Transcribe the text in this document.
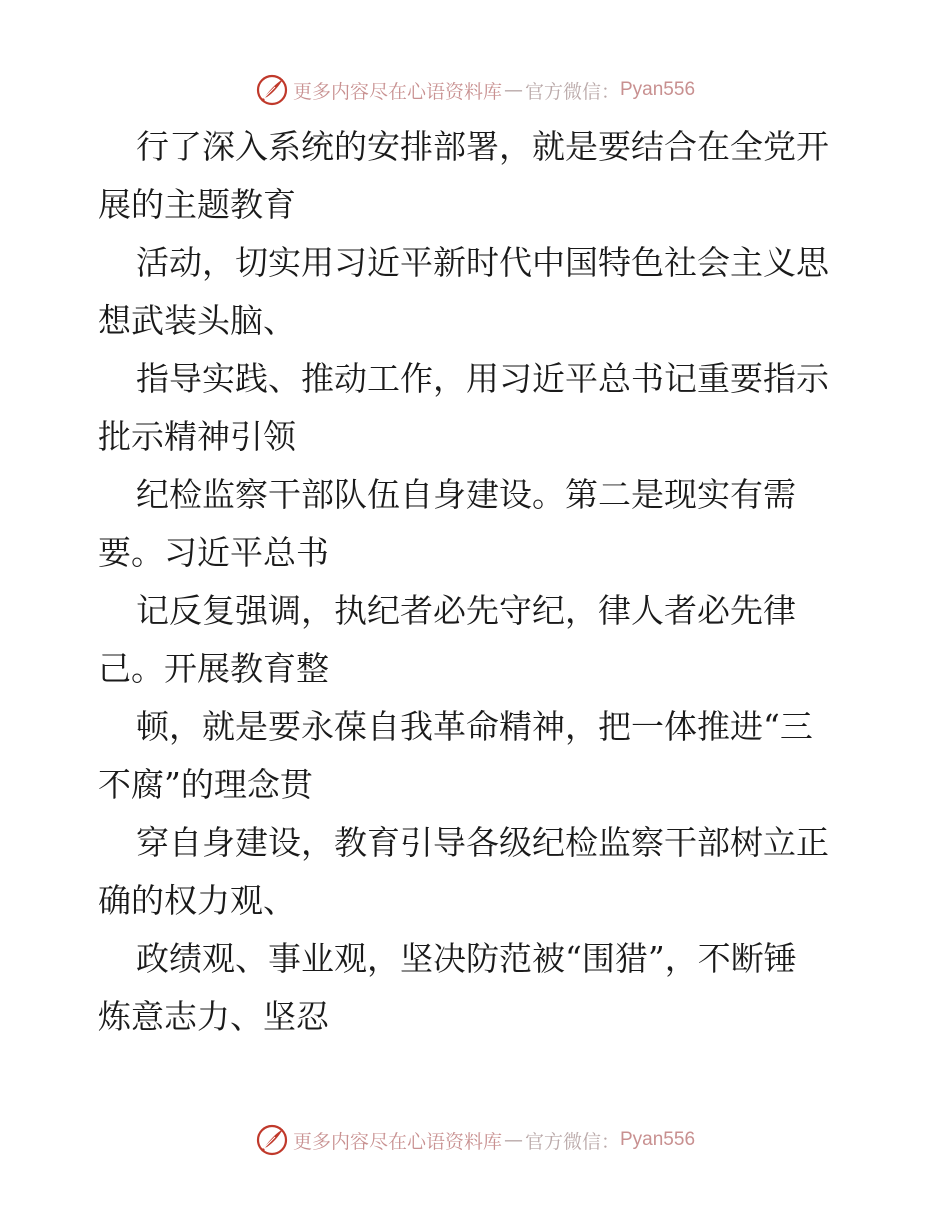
更多内容尽在心语资料库 — 官方微信： Pyan556

行了深入系统的安排部署，就是要结合在全党开
展的主题教育

活动，切实用习近平新时代中国特色社会主义思
想武装头脑、

指导实践、推动工作，用习近平总书记重要指示
批示精神引领

纪检监察干部队伍自身建设。第二是现实有需
要。习近平总书

记反复强调，执纪者必先守纪，律人者必先律
己。开展教育整

顿，就是要永葆自我革命精神，把一体推进“三
不腐”的理念贯

穿自身建设，教育引导各级纪检监察干部树立正
确的权力观、

政绩观、事业观，坚决防范被“围猎”，不断锤
炼意志力、坚忍

更多内容尽在心语资料库 — 官方微信： Pyan556
